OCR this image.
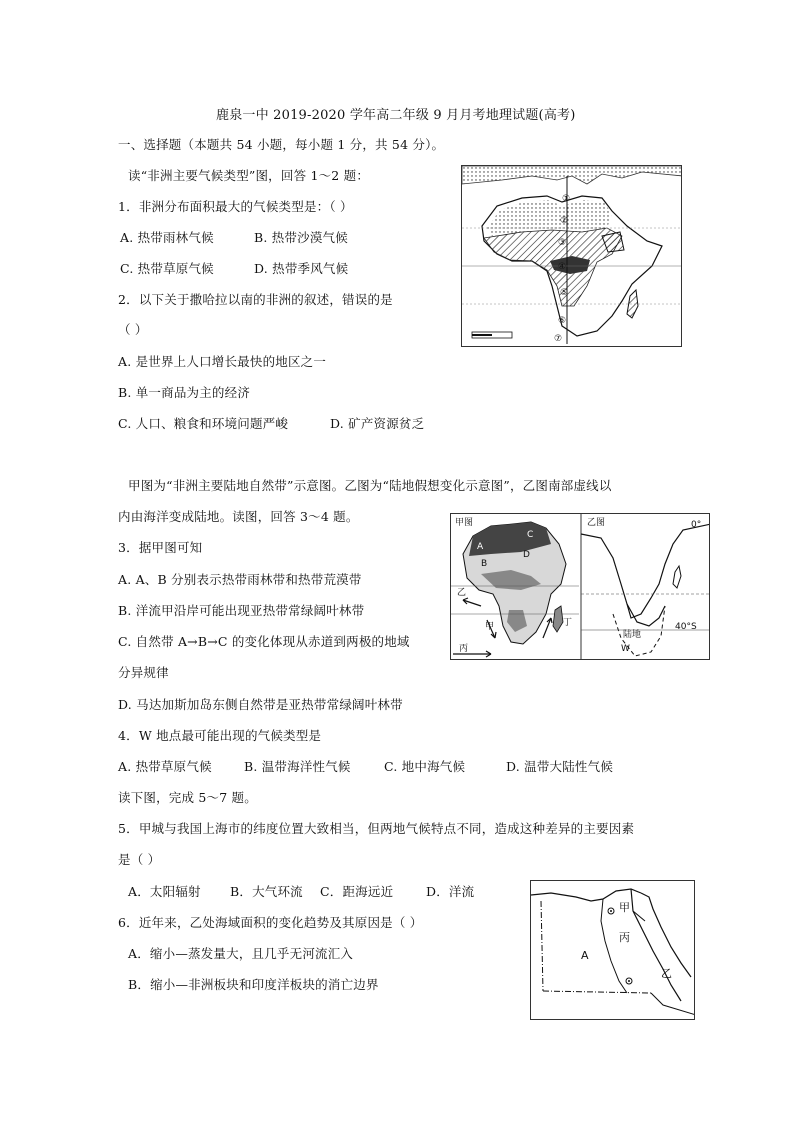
鹿泉一中 2019-2020 学年高二年级 9 月月考地理试题(高考)
一、选择题（本题共 54 小题，每小题 1 分，共 54 分）。
读“非洲主要气候类型”图，回答 1～2 题：
1．非洲分布面积最大的气候类型是：（ ）
A. 热带雨林气候	B. 热带沙漠气候
C. 热带草原气候	D. 热带季风气候
2．以下关于撒哈拉以南的非洲的叙述，错误的是
（ ）
A. 是世界上人口增长最快的地区之一
B. 单一商品为主的经济
C. 人口、粮食和环境问题严峻	D. 矿产资源贫乏
甲图为“非洲主要陆地自然带”示意图。乙图为“陆地假想变化示意图”，乙图南部虚线以
内由海洋变成陆地。读图，回答 3～4 题。
3．据甲图可知
A. A、B 分别表示热带雨林带和热带荒漠带
B. 洋流甲沿岸可能出现亚热带常绿阔叶林带
C. 自然带 A→B→C 的变化体现从赤道到两极的地域
分异规律
D. 马达加斯加岛东侧自然带是亚热带常绿阔叶林带
4．W 地点最可能出现的气候类型是
A. 热带草原气候	B. 温带海洋性气候	C. 地中海气候	D. 温带大陆性气候
读下图，完成 5～7 题。
5．甲城与我国上海市的纬度位置大致相当，但两地气候特点不同，造成这种差异的主要因素
是（ ）
A．太阳辐射 B．大气环流 C．距海远近	D．洋流
6．近年来，乙处海域面积的变化趋势及其原因是（ ）
A．缩小—蒸发量大，且几乎无河流汇入
B．缩小—非洲板块和印度洋板块的消亡边界
①
②
③
④
⑤
⑥
⑦
甲图	乙图
A
B
C
D
乙
甲
丙
丁
陆地
W
40°S
0°
甲
丙
A
乙
